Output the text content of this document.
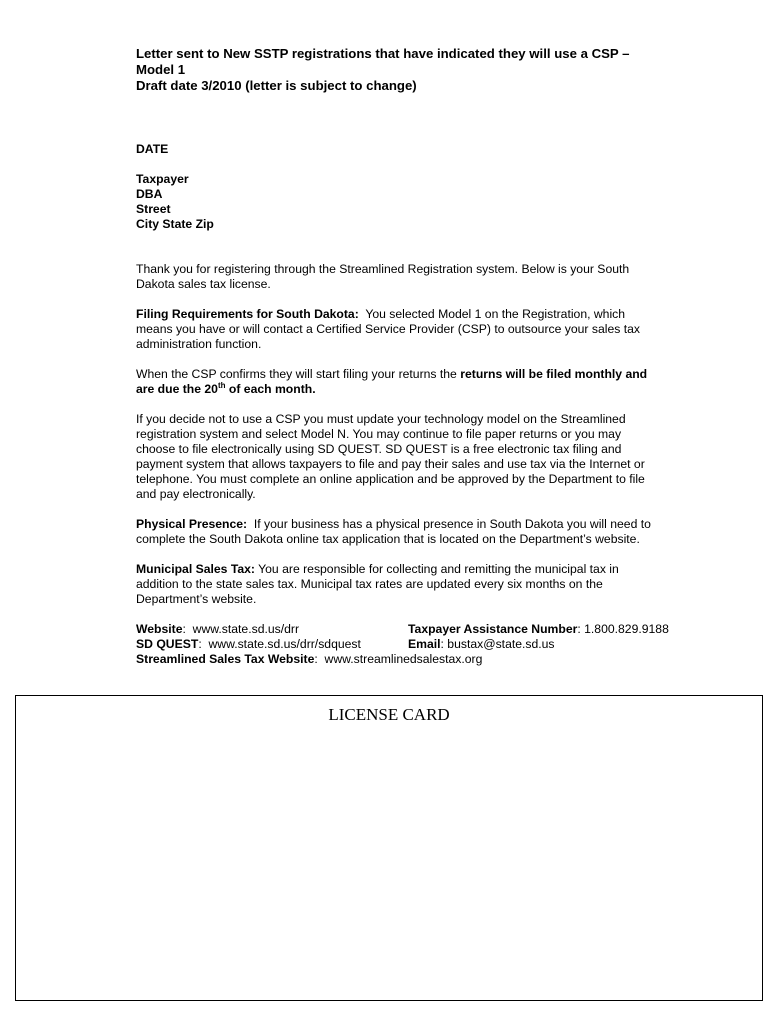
Letter sent to New SSTP registrations that have indicated they will use a CSP –
Model 1
Draft date 3/2010 (letter is subject to change)
DATE
Taxpayer
DBA
Street
City State Zip
Thank you for registering through the Streamlined Registration system. Below is your South
Dakota sales tax license.
Filing Requirements for South Dakota:  You selected Model 1 on the Registration, which
means you have or will contact a Certified Service Provider (CSP) to outsource your sales tax
administration function.
When the CSP confirms they will start filing your returns the returns will be filed monthly and
are due the 20th of each month.
If you decide not to use a CSP you must update your technology model on the Streamlined
registration system and select Model N. You may continue to file paper returns or you may
choose to file electronically using SD QUEST. SD QUEST is a free electronic tax filing and
payment system that allows taxpayers to file and pay their sales and use tax via the Internet or
telephone. You must complete an online application and be approved by the Department to file
and pay electronically.
Physical Presence:  If your business has a physical presence in South Dakota you will need to
complete the South Dakota online tax application that is located on the Department’s website.
Municipal Sales Tax: You are responsible for collecting and remitting the municipal tax in
addition to the state sales tax. Municipal tax rates are updated every six months on the
Department’s website.
Website:  www.state.sd.us/drr	Taxpayer Assistance Number: 1.800.829.9188
SD QUEST:  www.state.sd.us/drr/sdquest	Email: bustax@state.sd.us
Streamlined Sales Tax Website:  www.streamlinedsalestax.org
LICENSE CARD
